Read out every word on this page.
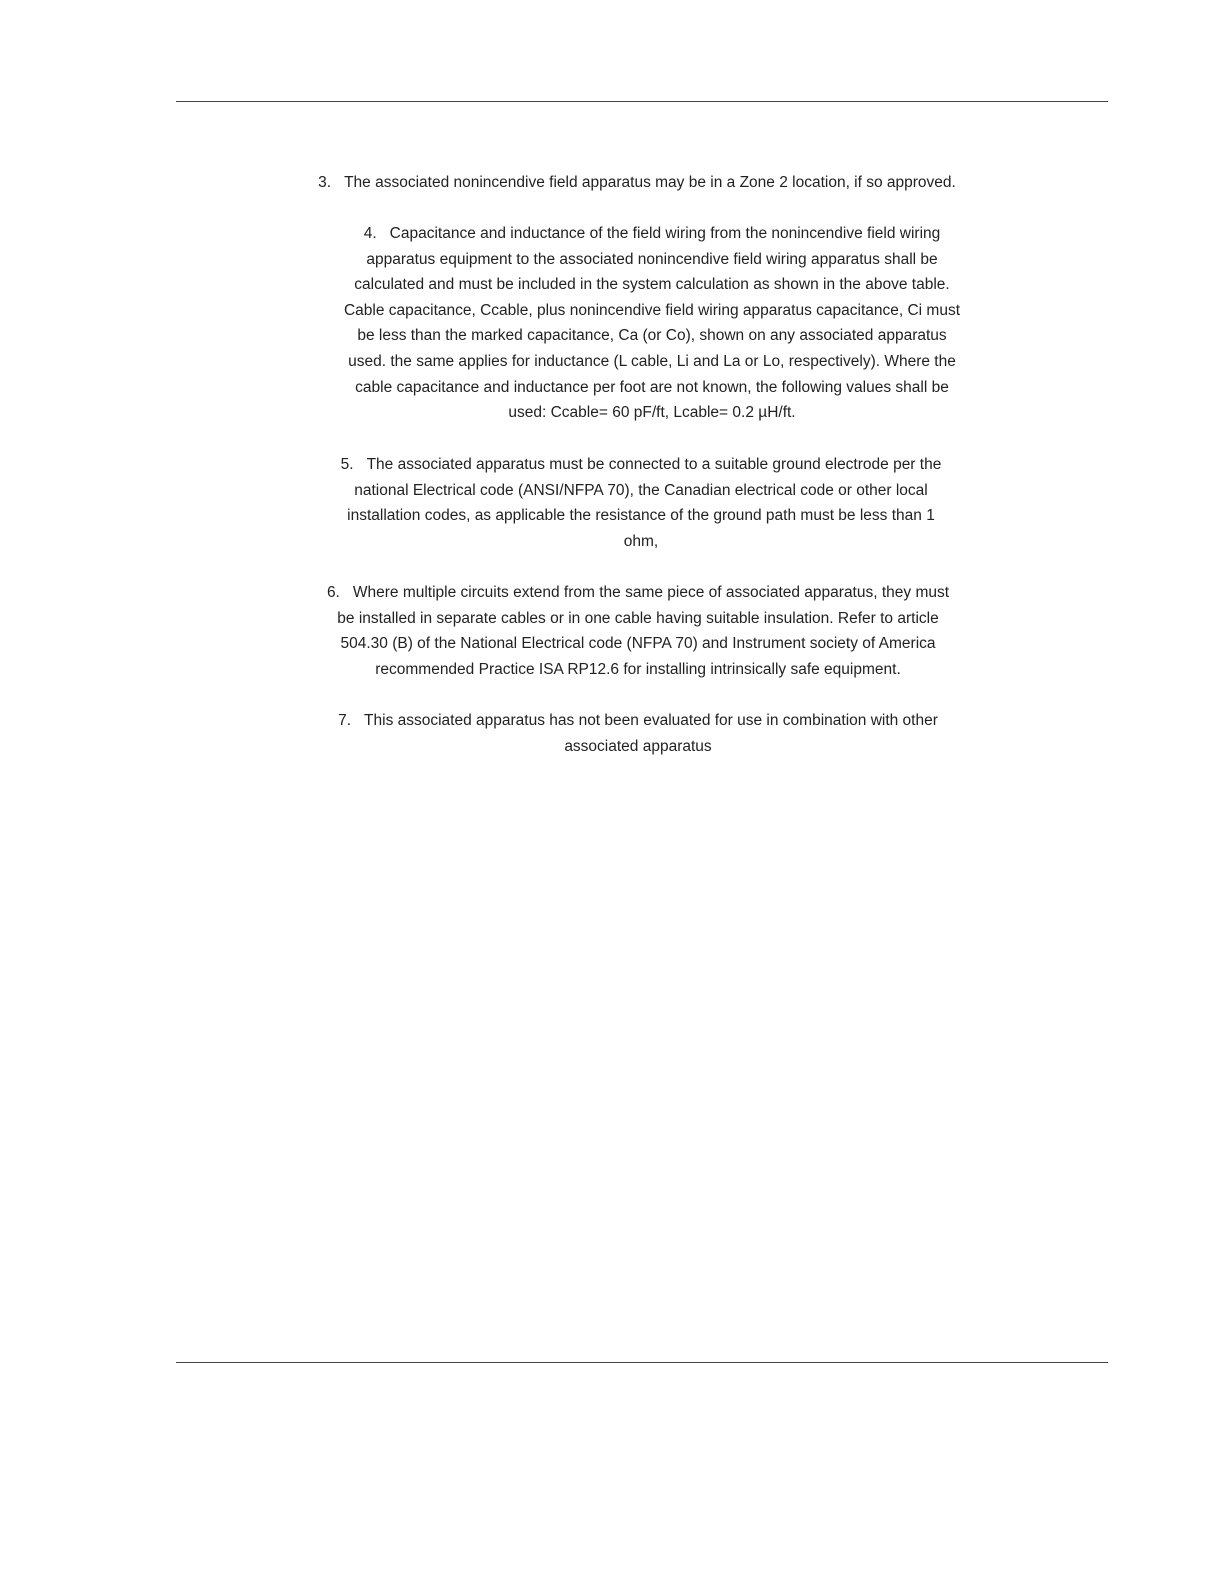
3. The associated nonincendive field apparatus may be in a Zone 2 location, if so approved.
4. Capacitance and inductance of the field wiring from the nonincendive field wiring
apparatus equipment to the associated nonincendive field wiring apparatus shall be
calculated and must be included in the system calculation as shown in the above table.
Cable capacitance, Ccable, plus nonincendive field wiring apparatus capacitance, Ci must
be less than the marked capacitance, Ca (or Co), shown on any associated apparatus
used. the same applies for inductance (L cable, Li and La or Lo, respectively). Where the
cable capacitance and inductance per foot are not known, the following values shall be
used: Ccable= 60 pF/ft, Lcable= 0.2 µH/ft.
5. The associated apparatus must be connected to a suitable ground electrode per the
national Electrical code (ANSI/NFPA 70), the Canadian electrical code or other local
installation codes, as applicable the resistance of the ground path must be less than 1
ohm,
6. Where multiple circuits extend from the same piece of associated apparatus, they must
be installed in separate cables or in one cable having suitable insulation. Refer to article
504.30 (B) of the National Electrical code (NFPA 70) and Instrument society of America
recommended Practice ISA RP12.6 for installing intrinsically safe equipment.
7. This associated apparatus has not been evaluated for use in combination with other
associated apparatus
